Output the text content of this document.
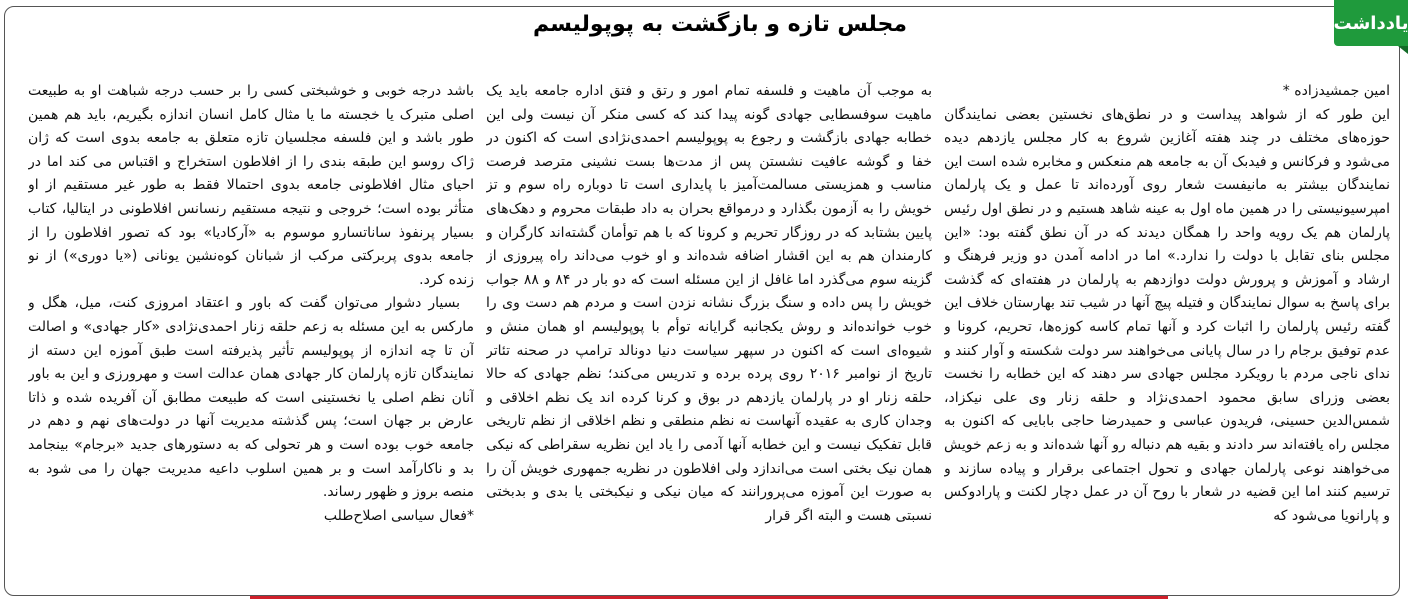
یادداشت
مجلس تازه و بازگشت به پوپولیسم

امین جمشیدزاده *

این طور که از شواهد پیداست و در نطق‌های نخستین بعضی نمایندگان حوزه‌های مختلف در چند هفته آغازین شروع به کار مجلس یازدهم دیده می‌شود و فرکانس و فیدبک آن به جامعه هم منعکس و مخابره شده است این نمایندگان بیشتر به مانیفست شعار روی آورده‌اند تا عمل و یک پارلمان امپرسیونیستی را در همین ماه اول به عینه شاهد هستیم و در نطق اول رئیس پارلمان هم یک رویه واحد را همگان دیدند که در آن نطق گفته بود: «این مجلس بنای تقابل با دولت را ندارد.» اما در ادامه آمدن دو وزیر فرهنگ و ارشاد و آموزش و پرورش دولت دوازدهم به پارلمان در هفته‌ای که گذشت برای پاسخ به سوال نمایندگان و فتیله پیچ آنها در شیب تند بهارستان خلاف این گفته رئیس پارلمان را اثبات کرد و آنها تمام کاسه کوزه‌ها، تحریم، کرونا و عدم توفیق برجام را در سال پایانی می‌خواهند سر دولت شکسته و آوار کنند و ندای ناجی مردم با رویکرد مجلس جهادی سر دهند که این خطابه را نخست بعضی وزرای سابق محمود احمدی‌نژاد و حلقه زنار وی علی نیکزاد، شمس‌الدین حسینی، فریدون عباسی و حمیدرضا حاجی بابایی که اکنون به مجلس راه یافته‌اند سر دادند و بقیه هم دنباله رو آنها شده‌اند و به زعم خویش می‌خواهند نوعی پارلمان جهادی و تحول اجتماعی برقرار و پیاده سازند و ترسیم کنند اما این قضیه در شعار با روح آن در عمل دچار لکنت و پارادوکس و پارانویا می‌شود که

به موجب آن ماهیت و فلسفه تمام امور و رتق و فتق اداره جامعه باید یک ماهیت سوفسطایی جهادی گونه پیدا کند که کسی منکر آن نیست ولی این خطابه جهادی بازگشت و رجوع به پوپولیسم احمدی‌نژادی است که اکنون در خفا و گوشه عافیت نشستن پس از مدت‌ها بست نشینی مترصد فرصت مناسب و همزیستی مسالمت‌آمیز با پایداری است تا دوباره راه سوم و تز خویش را به آزمون بگذارد و درمواقع بحران به داد طبقات محروم و دهک‌های پایین بشتابد که در روزگار تحریم و کرونا که با هم توأمان گشته‌اند کارگران و کارمندان هم به این اقشار اضافه شده‌اند و او خوب می‌داند راه پیروزی از گزینه سوم می‌گذرد اما غافل از این مسئله است که دو بار در ۸۴ و ۸۸ جواب خویش را پس داده و سنگ بزرگ نشانه نزدن است و مردم هم دست وی را خوب خوانده‌اند و روش یکجانبه گرایانه توأم با پوپولیسم او همان منش و شیوه‌ای است که اکنون در سپهر سیاست دنیا دونالد ترامپ در صحنه تئاتر تاریخ از نوامبر ۲۰۱۶ روی پرده برده و تدریس می‌کند؛ نظم جهادی که حالا حلقه زنار او در پارلمان یازدهم در بوق و کرنا کرده اند یک نظم اخلاقی و وجدان کاری به عقیده آنهاست نه نظم منطقی و نظم اخلاقی از نظم تاریخی قابل تفکیک نیست و این خطابه آنها آدمی را یاد این نظریه سقراطی که نیکی همان نیک بختی است می‌اندازد ولی افلاطون در نظریه جمهوری خویش آن را به صورت این آموزه می‌پرورانند که میان نیکی و نیکبختی یا بدی و بدبختی نسبتی هست و البته اگر قرار

باشد درجه خوبی و خوشبختی کسی را بر حسب درجه شباهت او به طبیعت اصلی متبرک یا خجسته ما یا مثال کامل انسان اندازه بگیریم، باید هم همین طور باشد و این فلسفه مجلسیان تازه متعلق به جامعه بدوی است که ژان ژاک روسو این طبقه بندی را از افلاطون استخراج و اقتباس می کند اما در احیای مثال افلاطونی جامعه بدوی احتمالا فقط به طور غیر مستقیم از او متأثر بوده است؛ خروجی و نتیجه مستقیم رنسانس افلاطونی در ایتالیا، کتاب بسیار پرنفوذ ساناتسارو موسوم به «آرکادیا» بود که تصور افلاطون را از جامعه بدوی پربرکتی مرکب از شبانان کوه‌نشین یونانی («یا دوری») از نو زنده کرد.

بسیار دشوار می‌توان گفت که باور و اعتقاد امروزی کنت، میل، هگل و مارکس به این مسئله به زعم حلقه زنار احمدی‌نژادی «کار جهادی» و اصالت آن تا چه اندازه از پوپولیسم تأثیر پذیرفته است طبق آموزه این دسته از نمایندگان تازه پارلمان کار جهادی همان عدالت است و مهرورزی و این به باور آنان نظم اصلی یا نخستینی است که طبیعت مطابق آن آفریده شده و ذاتا عارض بر جهان است؛ پس گذشته مدیریت آنها در دولت‌های نهم و دهم در جامعه خوب بوده است و هر تحولی که به دستورهای جدید «برجام» بینجامد بد و ناکارآمد است و بر همین اسلوب داعیه مدیریت جهان را می شود به منصه بروز و ظهور رساند.

*فعال سیاسی اصلاح‌طلب
